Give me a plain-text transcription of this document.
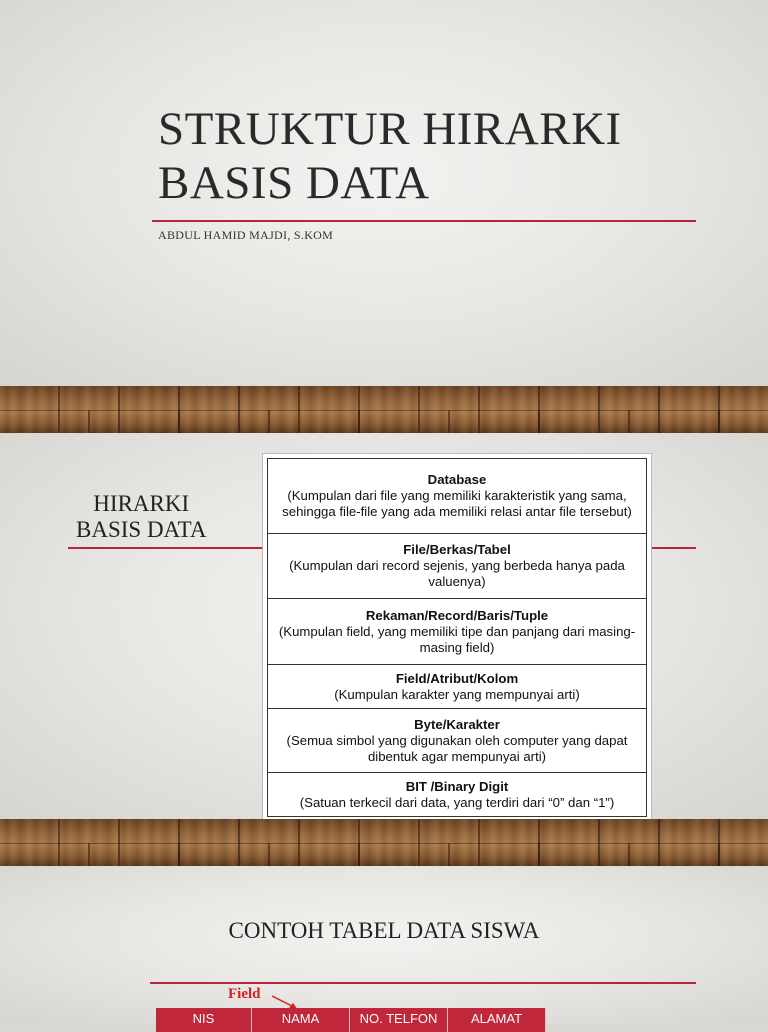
STRUKTUR HIRARKI
BASIS DATA
ABDUL HAMID MAJDI, S.KOM
HIRARKI
BASIS DATA
Database
(Kumpulan dari file yang memiliki karakteristik yang sama, sehingga file-file yang ada memiliki relasi antar file tersebut)
File/Berkas/Tabel
(Kumpulan dari record sejenis, yang berbeda hanya pada valuenya)
Rekaman/Record/Baris/Tuple
(Kumpulan field, yang memiliki tipe dan panjang dari masing-masing field)
Field/Atribut/Kolom
(Kumpulan karakter yang mempunyai arti)
Byte/Karakter
(Semua simbol yang digunakan oleh computer yang dapat dibentuk agar mempunyai arti)
BIT /Binary Digit
(Satuan terkecil dari data, yang terdiri dari “0” dan “1”)
CONTOH TABEL DATA SISWA
Field
NIS	NAMA	NO. TELFON	ALAMAT
